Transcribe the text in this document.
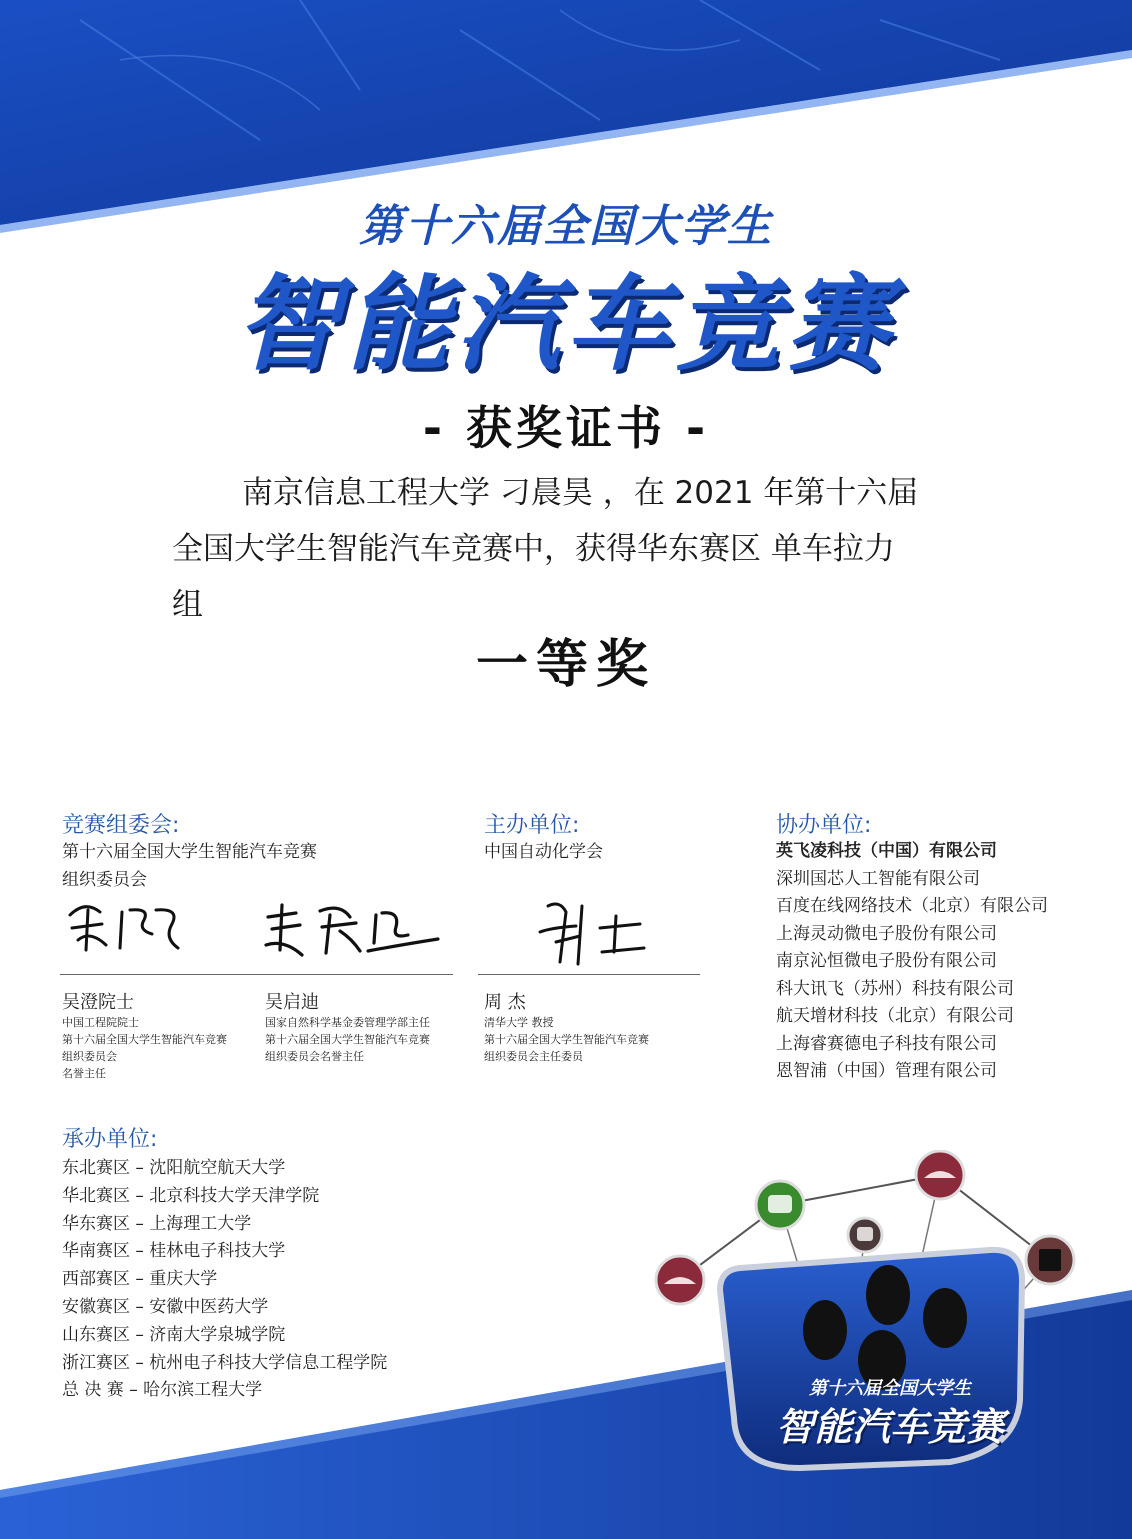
第十六届全国大学生
智能汽车竞赛
- 获奖证书 -

南京信息工程大学 刁晨昊 ，在 2021 年第十六届

全国大学生智能汽车竞赛中，获得华东赛区 单车拉力

组

一等奖
竞赛组委会:

第十六届全国大学生智能汽车竞赛

组织委员会

主办单位:
中国自动化学会
协办单位:

英飞凌科技（中国）有限公司

深圳国芯人工智能有限公司

百度在线网络技术（北京）有限公司

上海灵动微电子股份有限公司

南京沁恒微电子股份有限公司

科大讯飞（苏州）科技有限公司

航天增材科技（北京）有限公司

上海睿赛德电子科技有限公司

恩智浦（中国）管理有限公司

吴澄院士

中国工程院院士

第十六届全国大学生智能汽车竞赛

组织委员会

名誉主任

吴启迪

国家自然科学基金委管理学部主任

第十六届全国大学生智能汽车竞赛

组织委员会名誉主任

周 杰

清华大学 教授

第十六届全国大学生智能汽车竞赛

组织委员会主任委员

承办单位:

东北赛区 – 沈阳航空航天大学

华北赛区 – 北京科技大学天津学院

华东赛区 – 上海理工大学

华南赛区 – 桂林电子科技大学

西部赛区 – 重庆大学

安徽赛区 – 安徽中医药大学

山东赛区 – 济南大学泉城学院

浙江赛区 – 杭州电子科技大学信息工程学院

总 决 赛 – 哈尔滨工程大学	第十六届全国大学生
智能汽车竞赛
